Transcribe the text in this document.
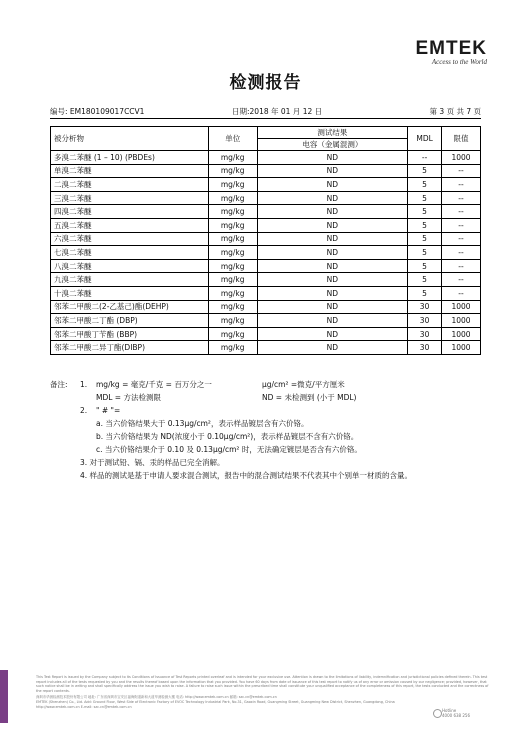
EMTEK
Access to the World
检测报告
编号: EM180109017CCV1	日期:2018 年 01 月 12 日	第 3 页 共 7 页
被分析物	单位	测试结果	MDL	限值
		电容（金属混测）		
多溴二苯醚 (1 – 10) (PBDEs)	mg/kg	ND	--	1000
单溴二苯醚	mg/kg	ND	5	--
二溴二苯醚	mg/kg	ND	5	--
三溴二苯醚	mg/kg	ND	5	--
四溴二苯醚	mg/kg	ND	5	--
五溴二苯醚	mg/kg	ND	5	--
六溴二苯醚	mg/kg	ND	5	--
七溴二苯醚	mg/kg	ND	5	--
八溴二苯醚	mg/kg	ND	5	--
九溴二苯醚	mg/kg	ND	5	--
十溴二苯醚	mg/kg	ND	5	--
邻苯二甲酸二(2-乙基己)酯(DEHP)	mg/kg	ND	30	1000
邻苯二甲酸二丁酯 (DBP)	mg/kg	ND	30	1000
邻苯二甲酸丁苄酯 (BBP)	mg/kg	ND	30	1000
邻苯二甲酸二异丁酯(DIBP)	mg/kg	ND	30	1000
备注: 1. mg/kg = 毫克/千克 = 百万分之一	μg/cm² =微克/平方厘米
MDL = 方法检测限	ND = 未检测到 (小于 MDL)

2. " # "=

a. 当六价铬结果大于 0.13μg/cm²，表示样品镀层含有六价铬。
b. 当六价铬结果为 ND(浓度小于 0.10μg/cm²)，表示样品镀层不含有六价铬。
c. 当六价铬结果介于 0.10 及 0.13μg/cm² 时，无法确定镀层是否含有六价铬。
3. 对于测试铅、镉、汞的样品已完全消解。
4. 样品的测试是基于申请人要求混合测试，报告中的混合测试结果不代表其中个别单一材质的含量。
This Test Report is issued by the Company subject to its Conditions of Issuance of Test Reports printed overleaf and is intended for your exclusive use. Attention is drawn to the limitations of liability, indemnification and jurisdictional policies defined therein. This test report includes all of the tests requested by you and the results thereof based upon the information that you provided. You have 60 days from date of issuance of this test report to notify us of any error or omission caused by our negligence; provided, however, that such notice shall be in writing and shall specifically address the issue you wish to raise. A failure to raise such issue within the prescribed time shall constitute your unqualified acceptance of the completeness of this report, the tests conducted and the correctness of the report contents.
深圳市华测检测技术股份有限公司 地址: 广东省深圳市宝安区福海街道新和大道华测检测大楼 电话: http://www.emtek.com.cn 邮箱: szc.cn@emtek.com.cn
EMTEK (Shenzhen) Co., Ltd. Add: Ground Floor, West Side of Electronic Factory of EVOC Technology Industrial Park, No.31, Gaoxin Road, Guangming Street, Guangming New District, Shenzhen, Guangdong, China http://www.emtek.com.cn E-mail: szc.cn@emtek.com.cn
Hotline
4000 638 256
